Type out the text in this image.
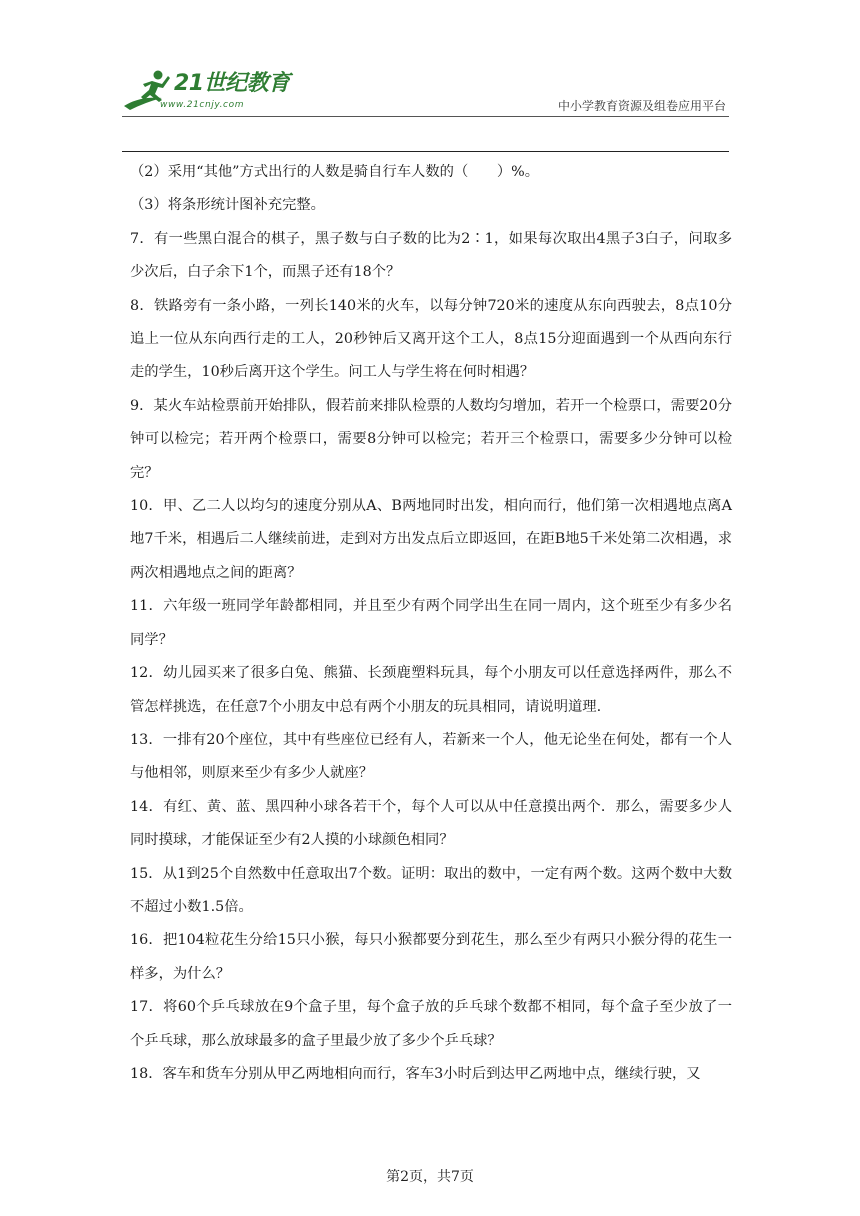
21世纪教育
www.21cnjy.com	中小学教育资源及组卷应用平台

（2）采用“其他”方式出行的人数是骑自行车人数的（　　）%。

（3）将条形统计图补充完整。

7．有一些黑白混合的棋子，黑子数与白子数的比为2∶1，如果每次取出4黑子3白子，问取多少次后，白子余下1个，而黑子还有18个？

8．铁路旁有一条小路，一列长140米的火车，以每分钟720米的速度从东向西驶去，8点10分追上一位从东向西行走的工人，20秒钟后又离开这个工人，8点15分迎面遇到一个从西向东行走的学生，10秒后离开这个学生。问工人与学生将在何时相遇？

9．某火车站检票前开始排队，假若前来排队检票的人数均匀增加，若开一个检票口，需要20分钟可以检完；若开两个检票口，需要8分钟可以检完；若开三个检票口，需要多少分钟可以检完？

10．甲、乙二人以均匀的速度分别从A、B两地同时出发，相向而行，他们第一次相遇地点离A地7千米，相遇后二人继续前进，走到对方出发点后立即返回，在距B地5千米处第二次相遇，求两次相遇地点之间的距离？

11．六年级一班同学年龄都相同，并且至少有两个同学出生在同一周内，这个班至少有多少名同学？

12．幼儿园买来了很多白兔、熊猫、长颈鹿塑料玩具，每个小朋友可以任意选择两件，那么不管怎样挑选，在任意7个小朋友中总有两个小朋友的玩具相同，请说明道理.

13．一排有20个座位，其中有些座位已经有人，若新来一个人，他无论坐在何处，都有一个人与他相邻，则原来至少有多少人就座？

14．有红、黄、蓝、黑四种小球各若干个，每个人可以从中任意摸出两个．那么，需要多少人同时摸球，才能保证至少有2人摸的小球颜色相同？

15．从1到25个自然数中任意取出7个数。证明：取出的数中，一定有两个数。这两个数中大数不超过小数1.5倍。

16．把104粒花生分给15只小猴，每只小猴都要分到花生，那么至少有两只小猴分得的花生一样多，为什么？

17．将60个乒乓球放在9个盒子里，每个盒子放的乒乓球个数都不相同，每个盒子至少放了一个乒乓球，那么放球最多的盒子里最少放了多少个乒乓球？

18．客车和货车分别从甲乙两地相向而行，客车3小时后到达甲乙两地中点，继续行驶，又

第2页，共7页
